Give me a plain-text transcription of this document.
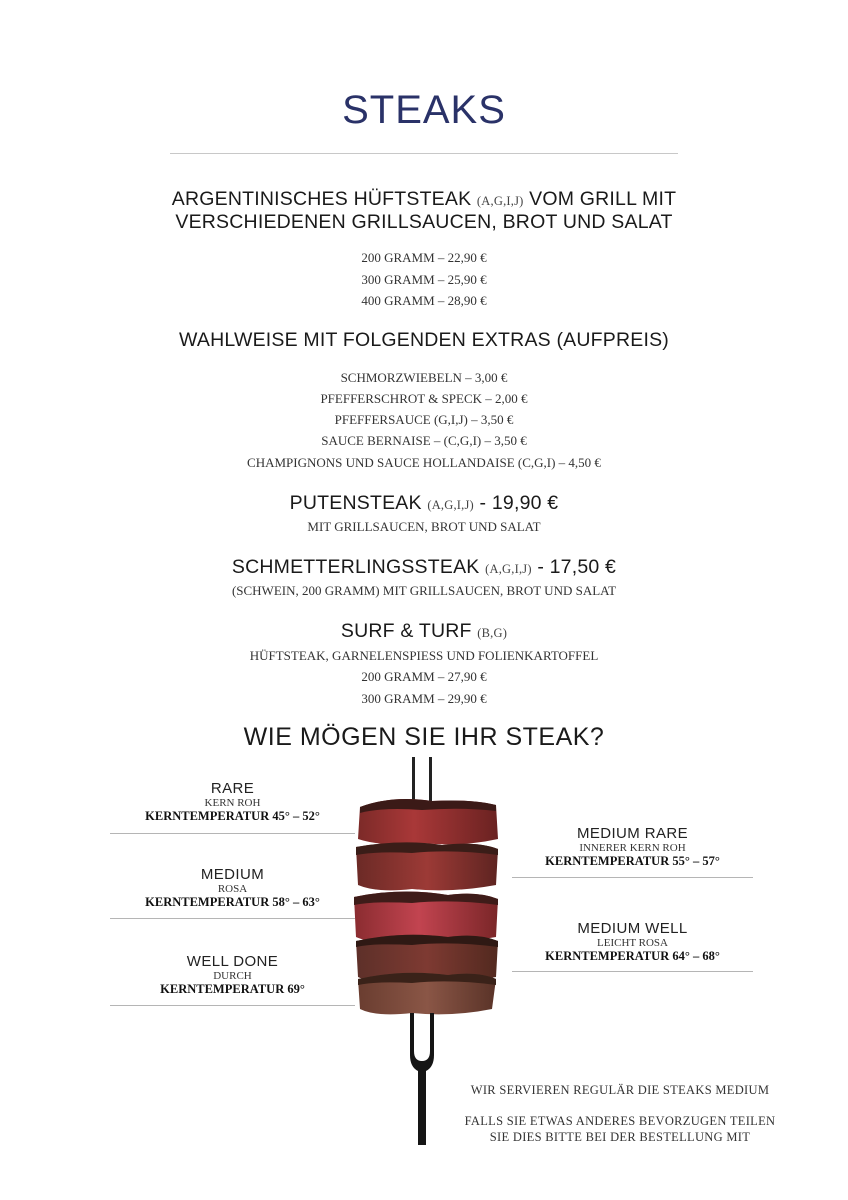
STEAKS
ARGENTINISCHES HÜFTSTEAK (A,G,I,J) VOM GRILL MIT
VERSCHIEDENEN GRILLSAUCEN, BROT UND SALAT
200 GRAMM – 22,90 €
300 GRAMM – 25,90 €
400 GRAMM – 28,90 €
WAHLWEISE MIT FOLGENDEN EXTRAS (AUFPREIS)
SCHMORZWIEBELN – 3,00 €
PFEFFERSCHROT & SPECK – 2,00 €
PFEFFERSAUCE (G,I,J) – 3,50 €
SAUCE BERNAISE – (C,G,I) – 3,50 €
CHAMPIGNONS UND SAUCE HOLLANDAISE (C,G,I) – 4,50 €
PUTENSTEAK (A,G,I,J) - 19,90 €
MIT GRILLSAUCEN, BROT UND SALAT
SCHMETTERLINGSSTEAK (A,G,I,J) - 17,50 €
(SCHWEIN, 200 GRAMM) MIT GRILLSAUCEN, BROT UND SALAT
SURF & TURF (B,G)
HÜFTSTEAK, GARNELENSPIESS UND FOLIENKARTOFFEL
200 GRAMM – 27,90 €
300 GRAMM – 29,90 €
WIE MÖGEN SIE IHR STEAK?
RARE
KERN ROH
KERNTEMPERATUR 45° – 52°
MEDIUM
ROSA
KERNTEMPERATUR 58° – 63°
WELL DONE
DURCH
KERNTEMPERATUR 69°
MEDIUM RARE
INNERER KERN ROH
KERNTEMPERATUR 55° – 57°
MEDIUM WELL
LEICHT ROSA
KERNTEMPERATUR 64° – 68°
WIR SERVIEREN REGULÄR DIE STEAKS MEDIUM
FALLS SIE ETWAS ANDERES BEVORZUGEN TEILEN
SIE DIES BITTE BEI DER BESTELLUNG MIT
